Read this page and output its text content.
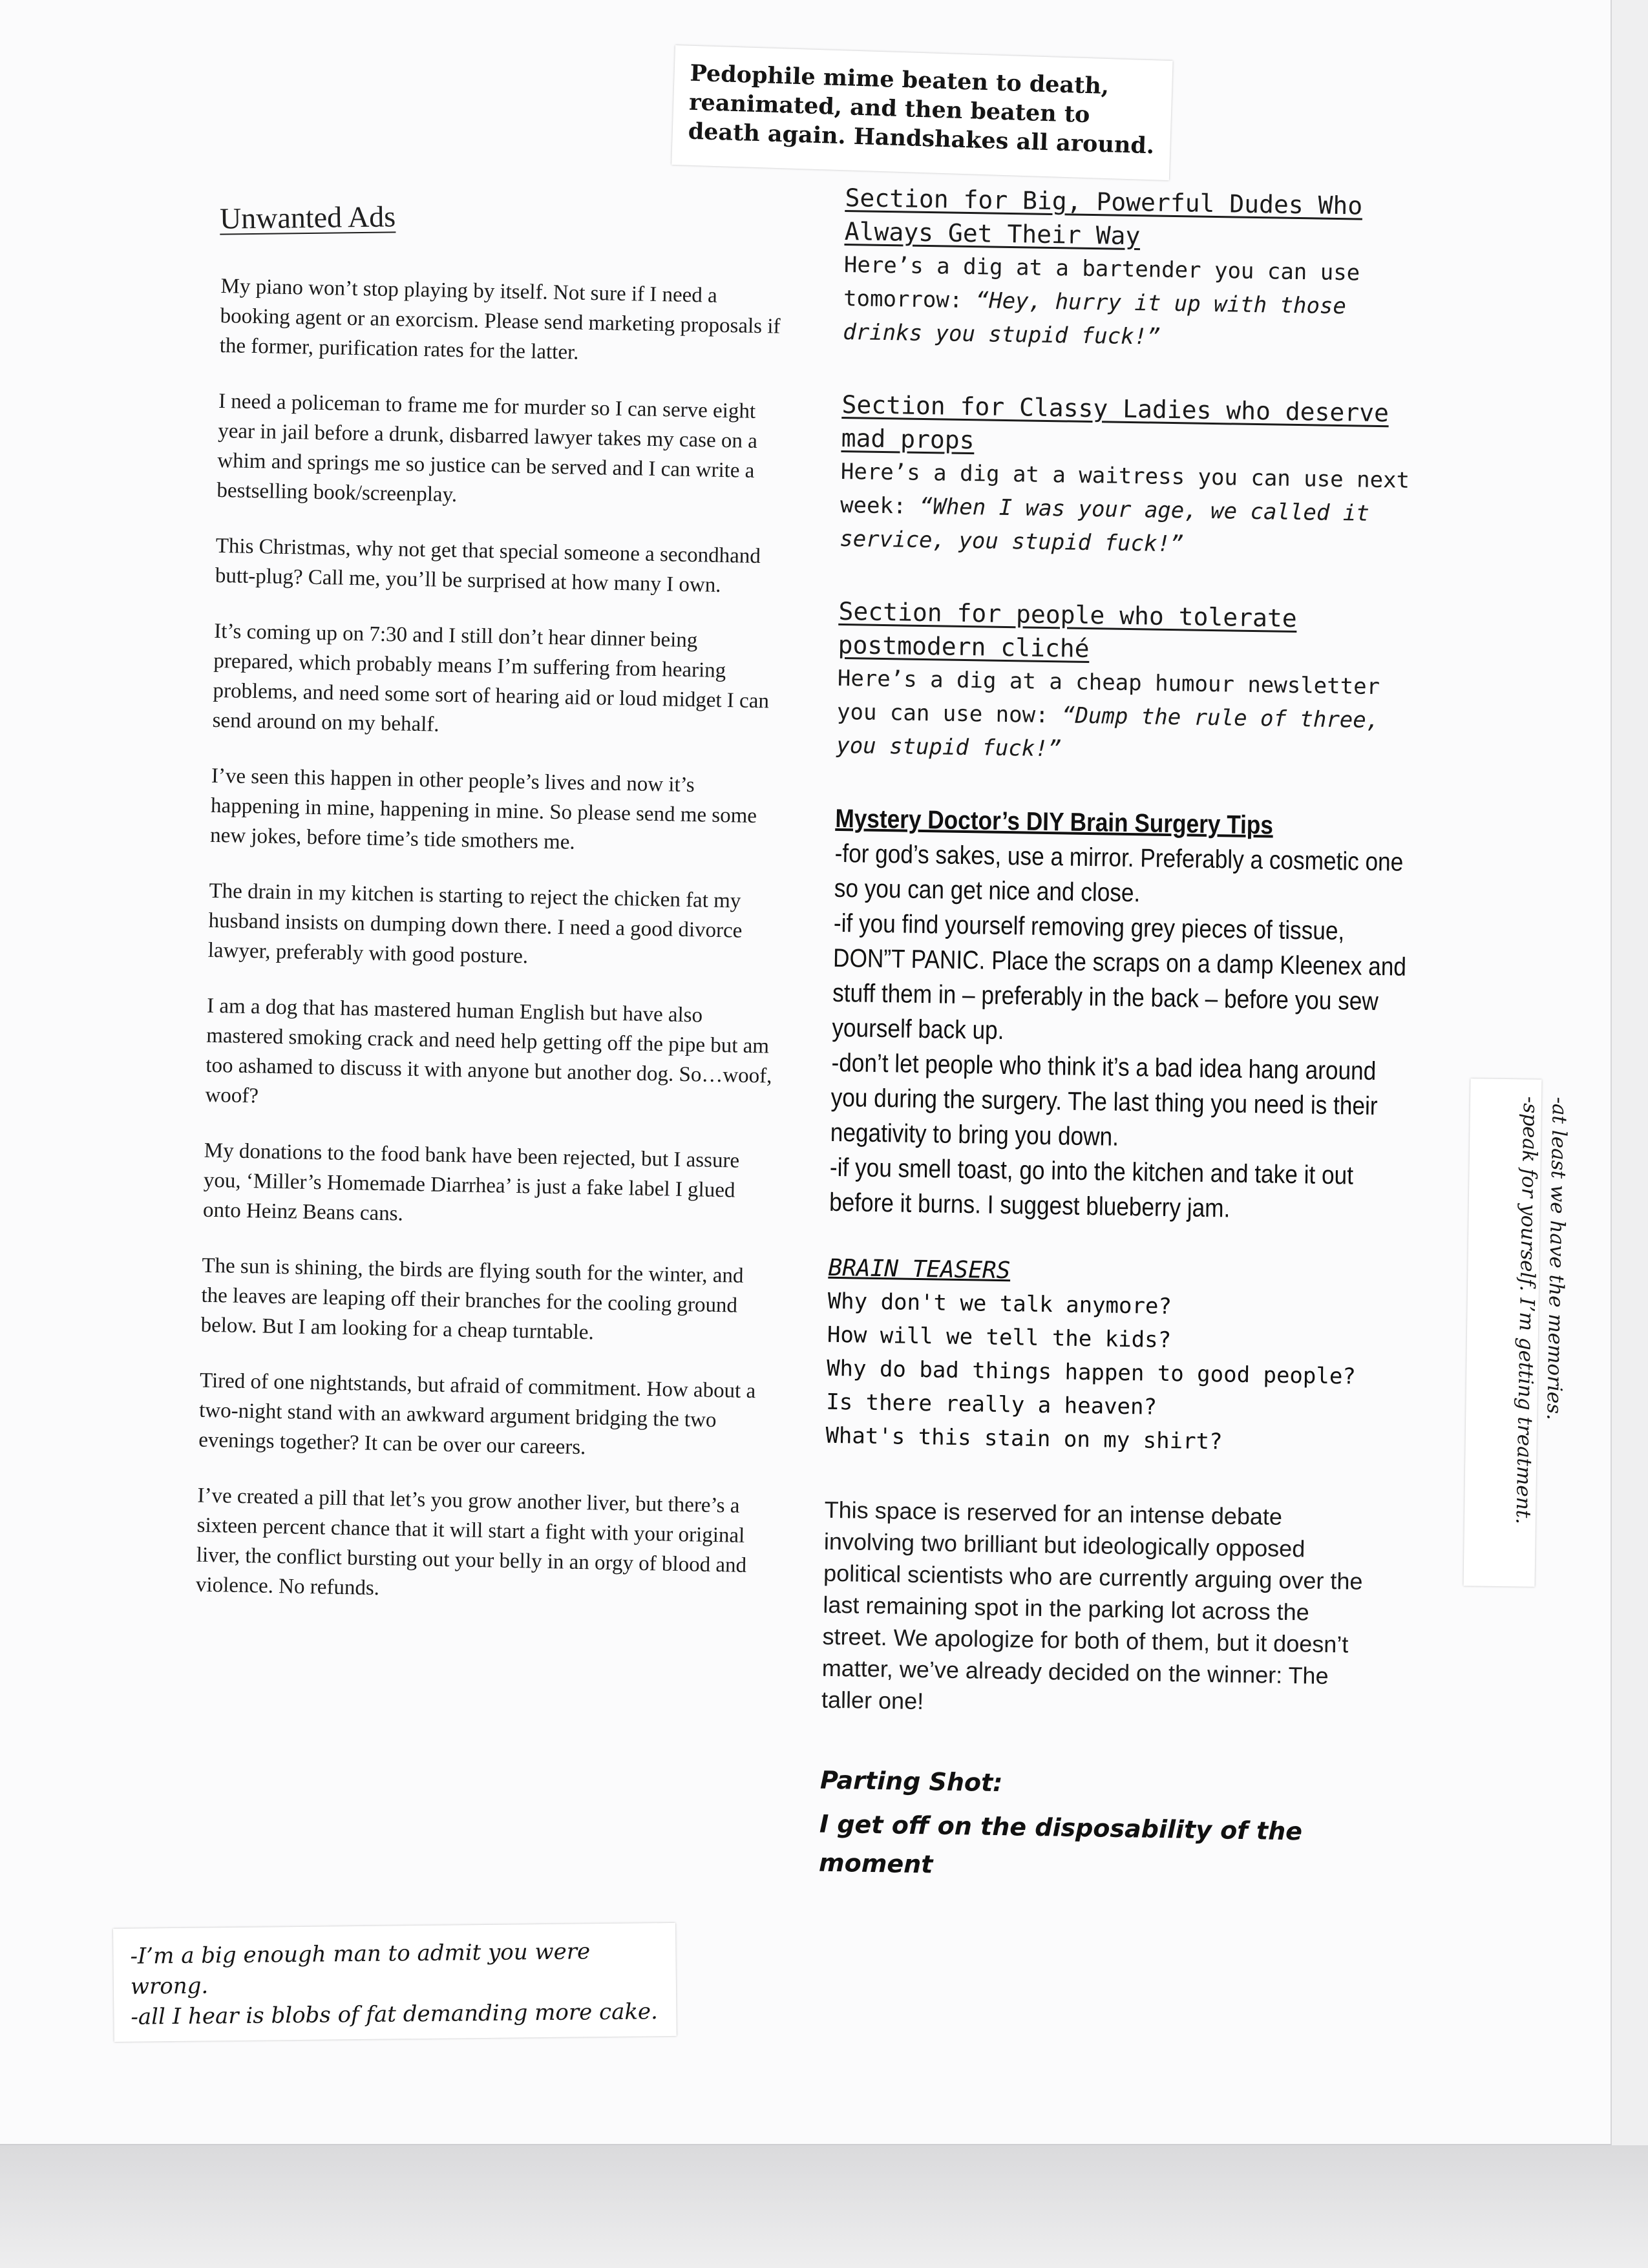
Pedophile mime beaten to death, reanimated, and then beaten to death again. Handshakes all around.
Unwanted Ads

My piano won’t stop playing by itself. Not sure if I need a booking agent or an exorcism. Please send marketing proposals if the former, purification rates for the latter.

I need a policeman to frame me for murder so I can serve eight year in jail before a drunk, disbarred lawyer takes my case on a whim and springs me so justice can be served and I can write a bestselling book/screenplay.

This Christmas, why not get that special someone a secondhand butt-plug? Call me, you’ll be surprised at how many I own.

It’s coming up on 7:30 and I still don’t hear dinner being prepared, which probably means I’m suffering from hearing problems, and need some sort of hearing aid or loud midget I can send around on my behalf.

I’ve seen this happen in other people’s lives and now it’s happening in mine, happening in mine. So please send me some new jokes, before time’s tide smothers me.

The drain in my kitchen is starting to reject the chicken fat my husband insists on dumping down there. I need a good divorce lawyer, preferably with good posture.

I am a dog that has mastered human English but have also mastered smoking crack and need help getting off the pipe but am too ashamed to discuss it with anyone but another dog. So…woof, woof?

My donations to the food bank have been rejected, but I assure you, ‘Miller’s Homemade Diarrhea’ is just a fake label I glued onto Heinz Beans cans.

The sun is shining, the birds are flying south for the winter, and the leaves are leaping off their branches for the cooling ground below. But I am looking for a cheap turntable.

Tired of one nightstands, but afraid of commitment. How about a two-night stand with an awkward argument bridging the two evenings together? It can be over our careers.

I’ve created a pill that let’s you grow another liver, but there’s a sixteen percent chance that it will start a fight with your original liver, the conflict bursting out your belly in an orgy of blood and violence. No refunds.

-I’m a big enough man to admit you were wrong.
-all I hear is blobs of fat demanding more cake.
-at least we have the memories.
-speak for yourself. I’m getting treatment.
Section for Big, Powerful Dudes Who Always Get Their Way
Here’s a dig at a bartender you can use tomorrow: “Hey, hurry it up with those drinks you stupid fuck!”
Section for Classy Ladies who deserve mad props
Here’s a dig at a waitress you can use next week: “When I was your age, we called it service, you stupid fuck!”
Section for people who tolerate postmodern cliché
Here’s a dig at a cheap humour newsletter you can use now: “Dump the rule of three, you stupid fuck!”
Mystery Doctor’s DIY Brain Surgery Tips
-for god’s sakes, use a mirror. Preferably a cosmetic one so you can get nice and close.
-if you find yourself removing grey pieces of tissue, DON”T PANIC. Place the scraps on a damp Kleenex and stuff them in – preferably in the back – before you sew yourself back up.
-don’t let people who think it’s a bad idea hang around you during the surgery. The last thing you need is their negativity to bring you down.
-if you smell toast, go into the kitchen and take it out before it burns. I suggest blueberry jam.
BRAIN TEASERS
Why don't we talk anymore?
How will we tell the kids?
Why do bad things happen to good people?
Is there really a heaven?
What's this stain on my shirt?
This space is reserved for an intense debate involving two brilliant but ideologically opposed political scientists who are currently arguing over the last remaining spot in the parking lot across the street. We apologize for both of them, but it doesn’t matter, we’ve already decided on the winner: The taller one!
Parting Shot:
I get off on the disposability of the moment
